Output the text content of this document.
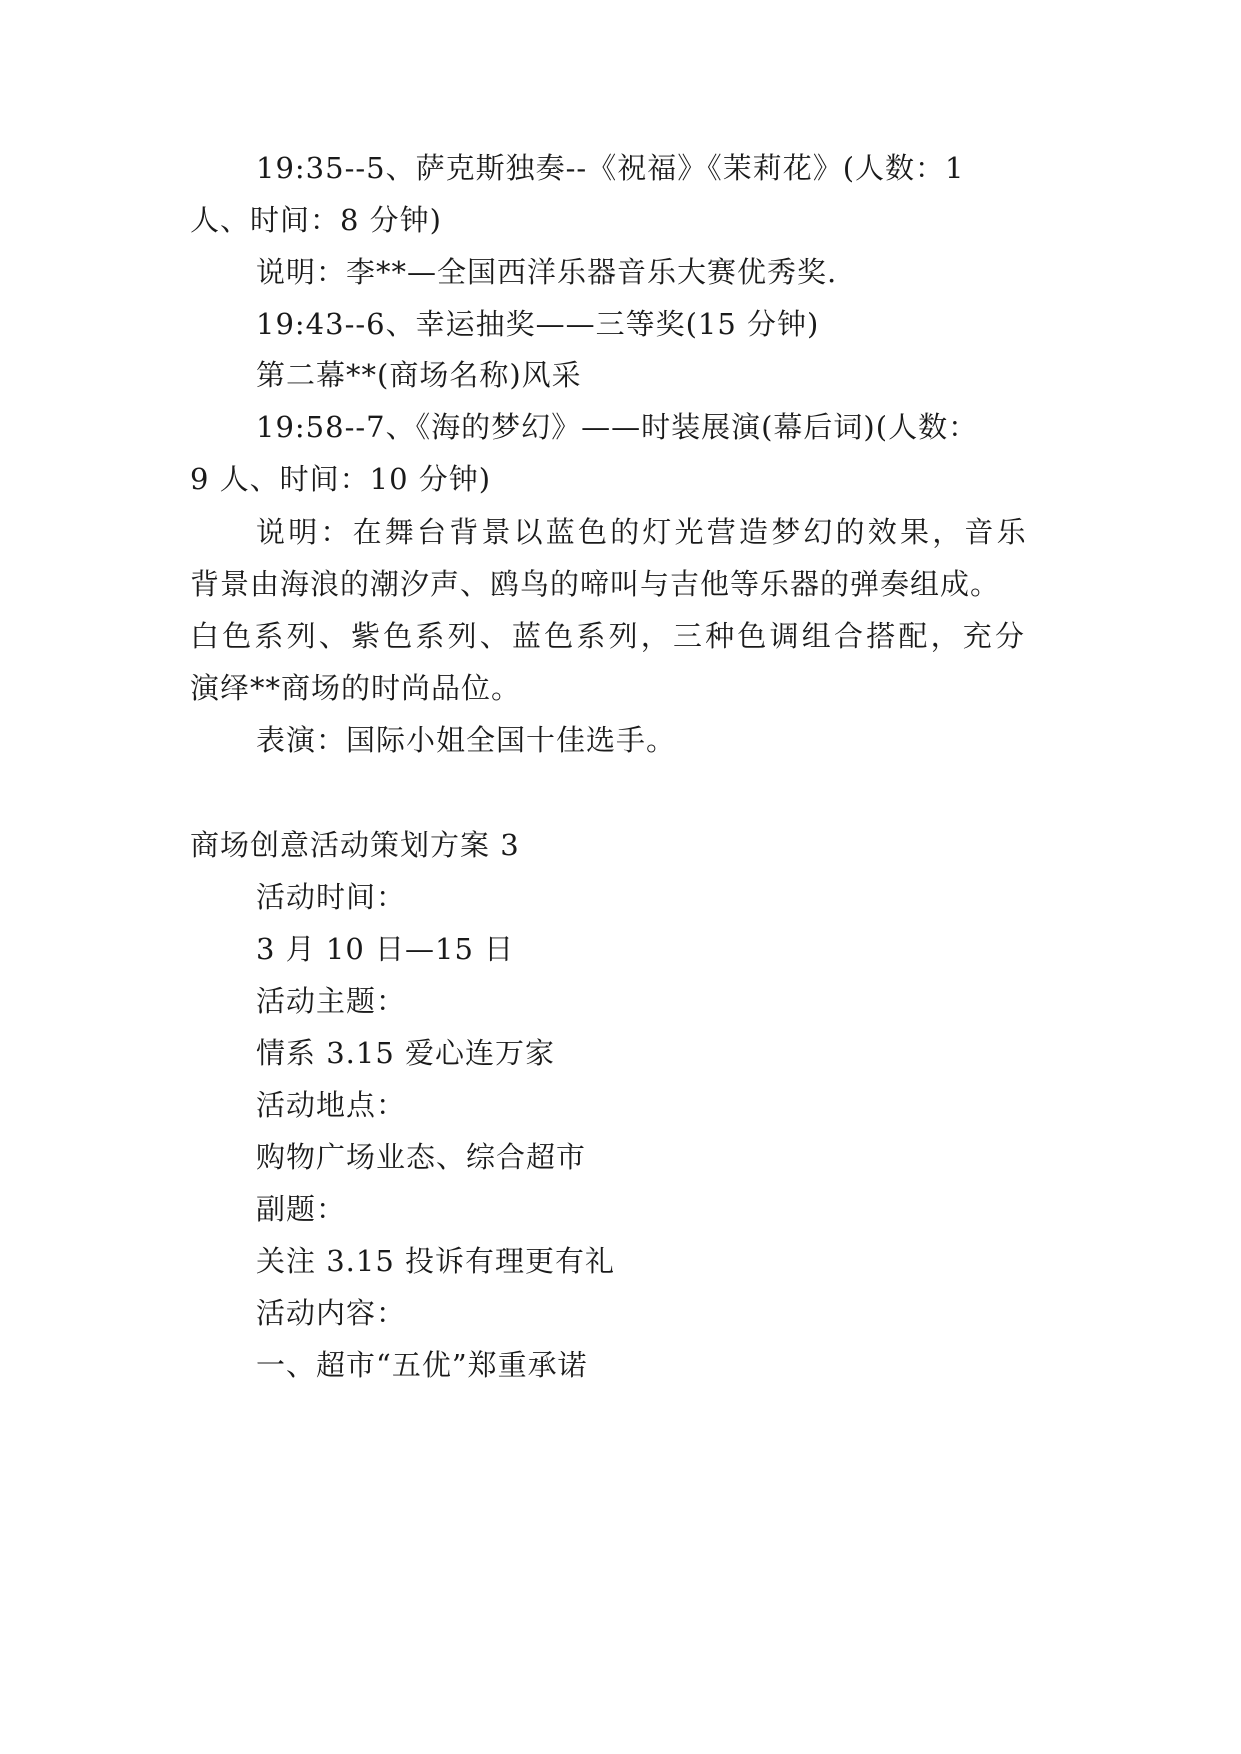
19:35--5、萨克斯独奏--《祝福》《茉莉花》(人数：1
人、时间：8 分钟)
说明：李**—全国西洋乐器音乐大赛优秀奖.
19:43--6、幸运抽奖——三等奖(15 分钟)
第二幕**(商场名称)风采
19:58--7、《海的梦幻》——时装展演(幕后词)(人数：
9 人、时间：10 分钟)
说明：在舞台背景以蓝色的灯光营造梦幻的效果，音乐
背景由海浪的潮汐声、鸥鸟的啼叫与吉他等乐器的弹奏组成。
白色系列、紫色系列、蓝色系列，三种色调组合搭配，充分
演绎**商场的时尚品位。
表演：国际小姐全国十佳选手。
商场创意活动策划方案 3
活动时间：
3 月 10 日—15 日
活动主题：
情系 3.15 爱心连万家
活动地点：
购物广场业态、综合超市
副题：
关注 3.15 投诉有理更有礼
活动内容：
一、超市“五优”郑重承诺
